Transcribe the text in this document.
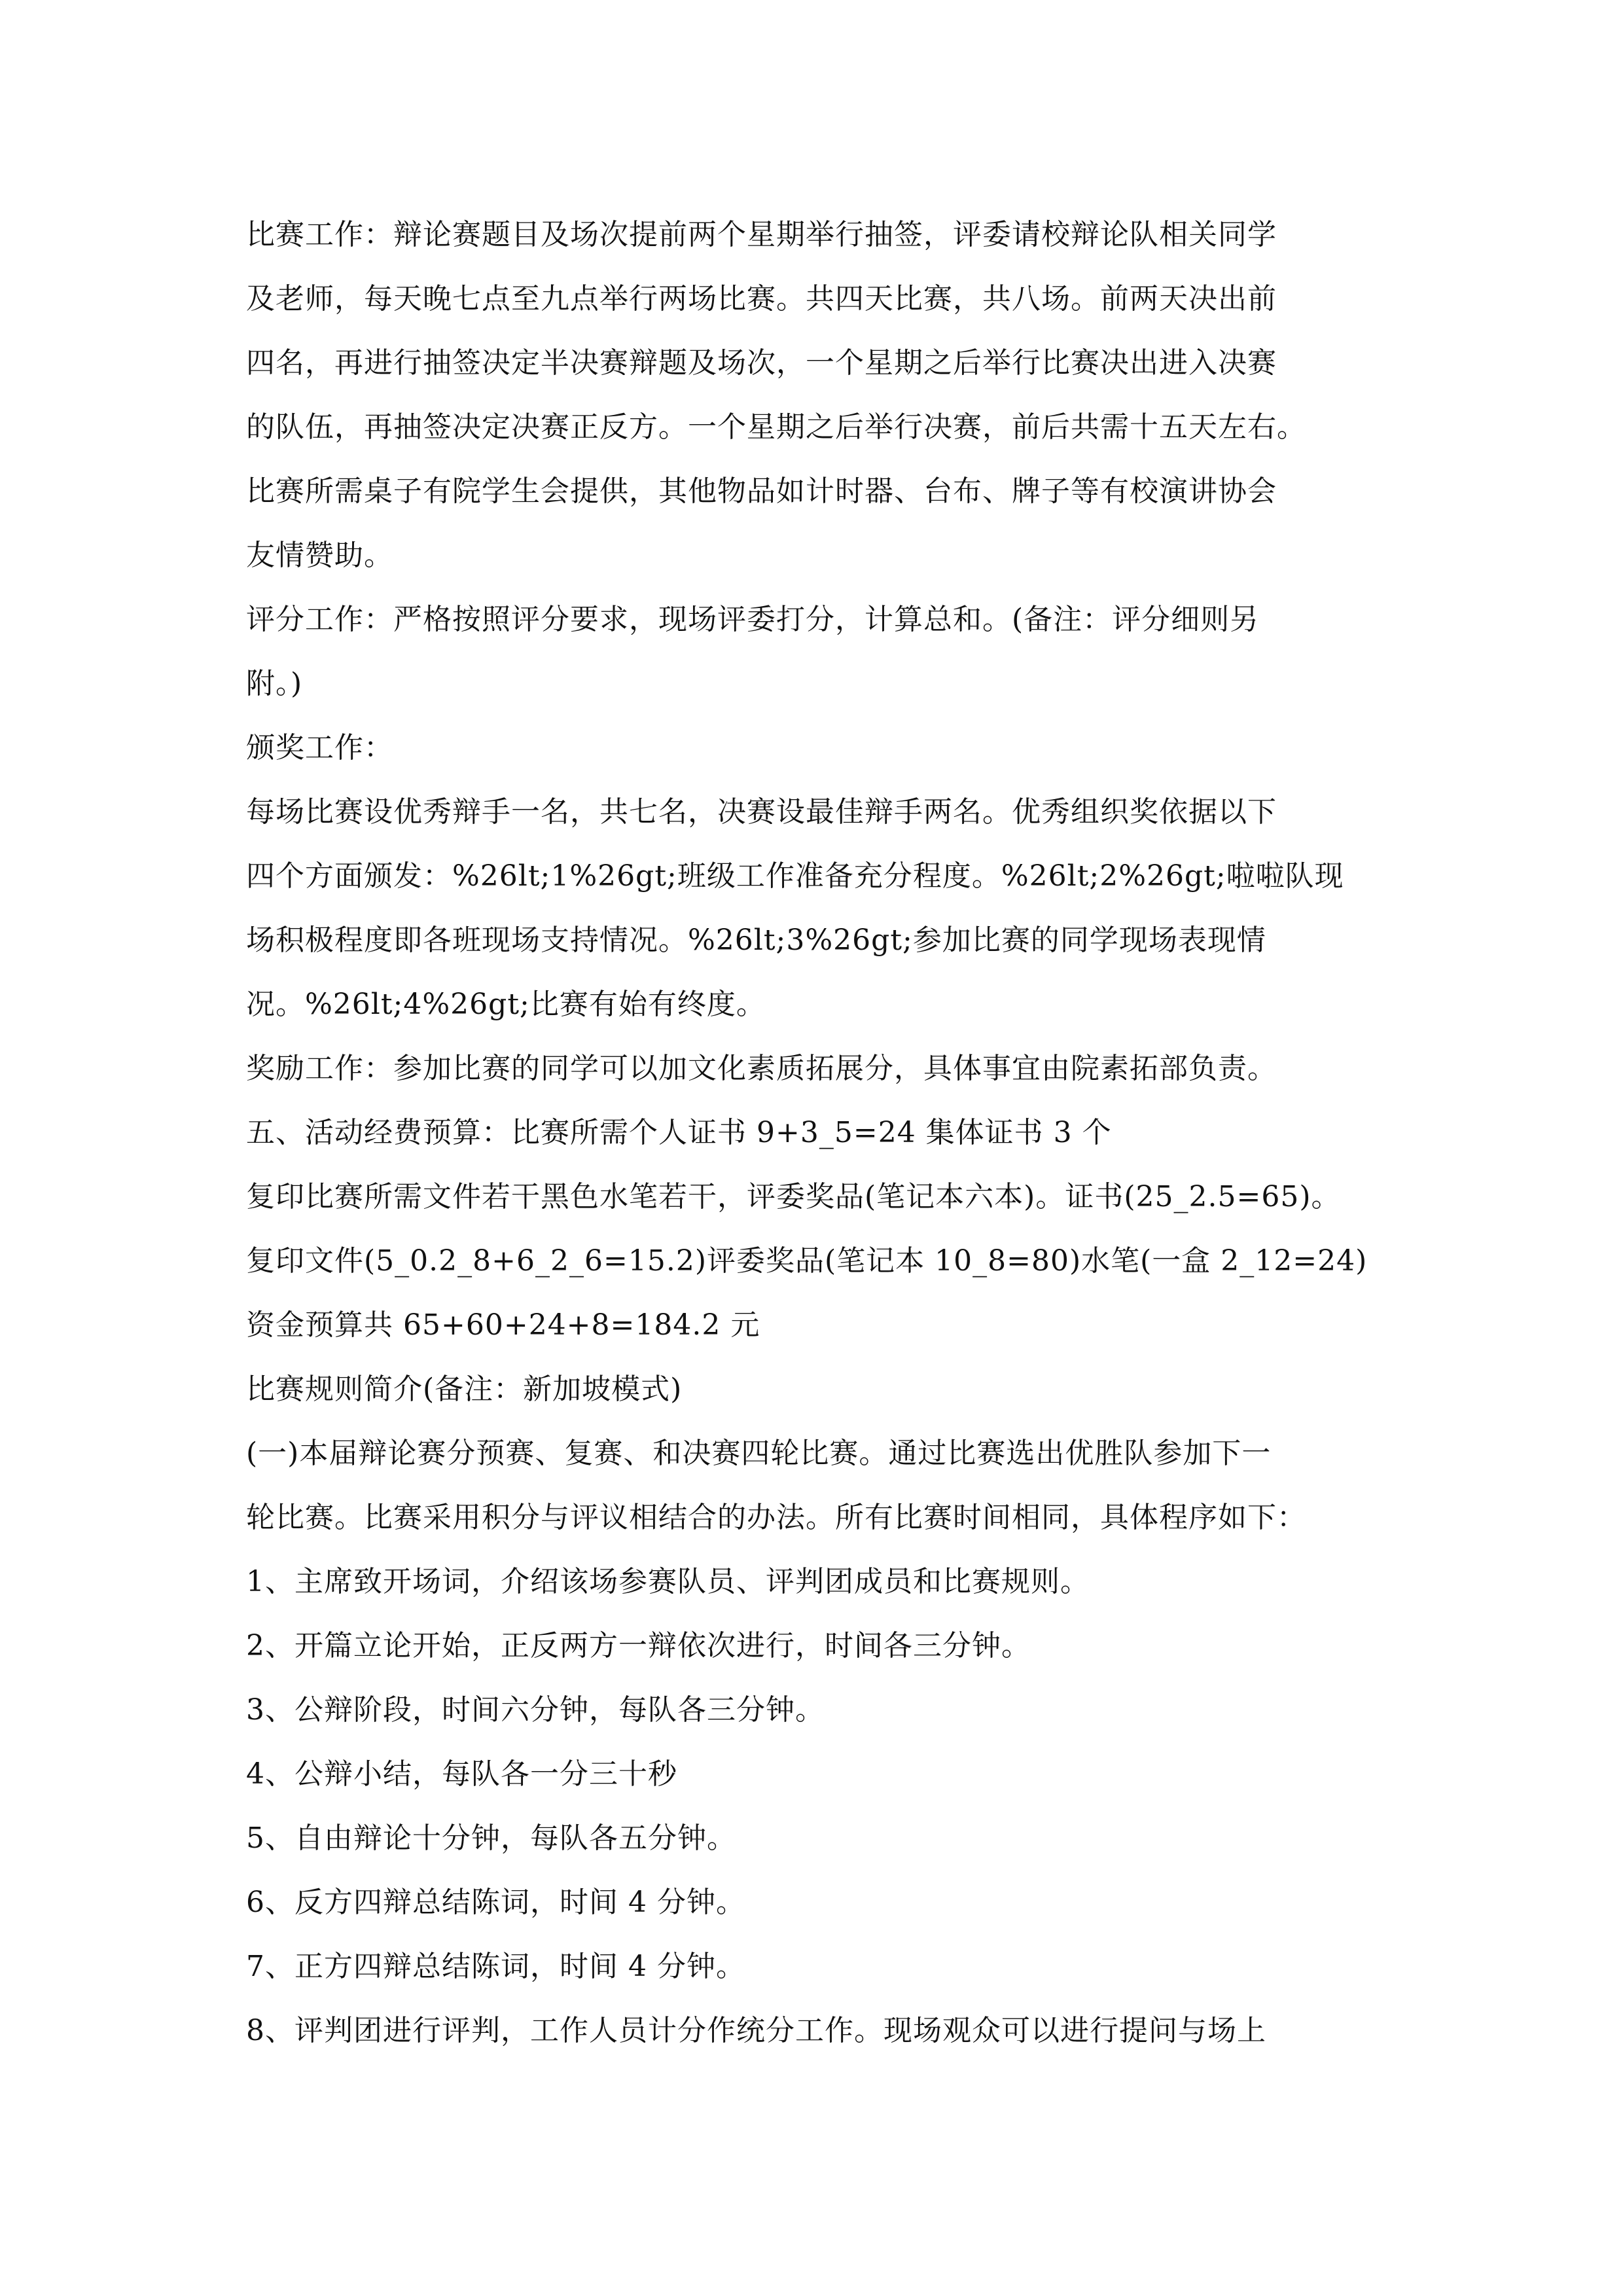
比赛工作：辩论赛题目及场次提前两个星期举行抽签，评委请校辩论队相关同学
及老师，每天晚七点至九点举行两场比赛。共四天比赛，共八场。前两天决出前
四名，再进行抽签决定半决赛辩题及场次，一个星期之后举行比赛决出进入决赛
的队伍，再抽签决定决赛正反方。一个星期之后举行决赛，前后共需十五天左右。
比赛所需桌子有院学生会提供，其他物品如计时器、台布、牌子等有校演讲协会
友情赞助。
评分工作：严格按照评分要求，现场评委打分，计算总和。(备注：评分细则另
附。)
颁奖工作：
每场比赛设优秀辩手一名，共七名，决赛设最佳辩手两名。优秀组织奖依据以下
四个方面颁发：%26lt;1%26gt;班级工作准备充分程度。%26lt;2%26gt;啦啦队现
场积极程度即各班现场支持情况。%26lt;3%26gt;参加比赛的同学现场表现情
况。%26lt;4%26gt;比赛有始有终度。
奖励工作：参加比赛的同学可以加文化素质拓展分，具体事宜由院素拓部负责。
五、活动经费预算：比赛所需个人证书 9+3_5=24 集体证书 3 个
复印比赛所需文件若干黑色水笔若干，评委奖品(笔记本六本)。证书(25_2.5=65)。
复印文件(5_0.2_8+6_2_6=15.2)评委奖品(笔记本 10_8=80)水笔(一盒 2_12=24)
资金预算共 65+60+24+8=184.2 元
比赛规则简介(备注：新加坡模式)
(一)本届辩论赛分预赛、复赛、和决赛四轮比赛。通过比赛选出优胜队参加下一
轮比赛。比赛采用积分与评议相结合的办法。所有比赛时间相同，具体程序如下：
1、主席致开场词，介绍该场参赛队员、评判团成员和比赛规则。
2、开篇立论开始，正反两方一辩依次进行，时间各三分钟。
3、公辩阶段，时间六分钟，每队各三分钟。
4、公辩小结，每队各一分三十秒
5、自由辩论十分钟，每队各五分钟。
6、反方四辩总结陈词，时间 4 分钟。
7、正方四辩总结陈词，时间 4 分钟。
8、评判团进行评判，工作人员计分作统分工作。现场观众可以进行提问与场上
